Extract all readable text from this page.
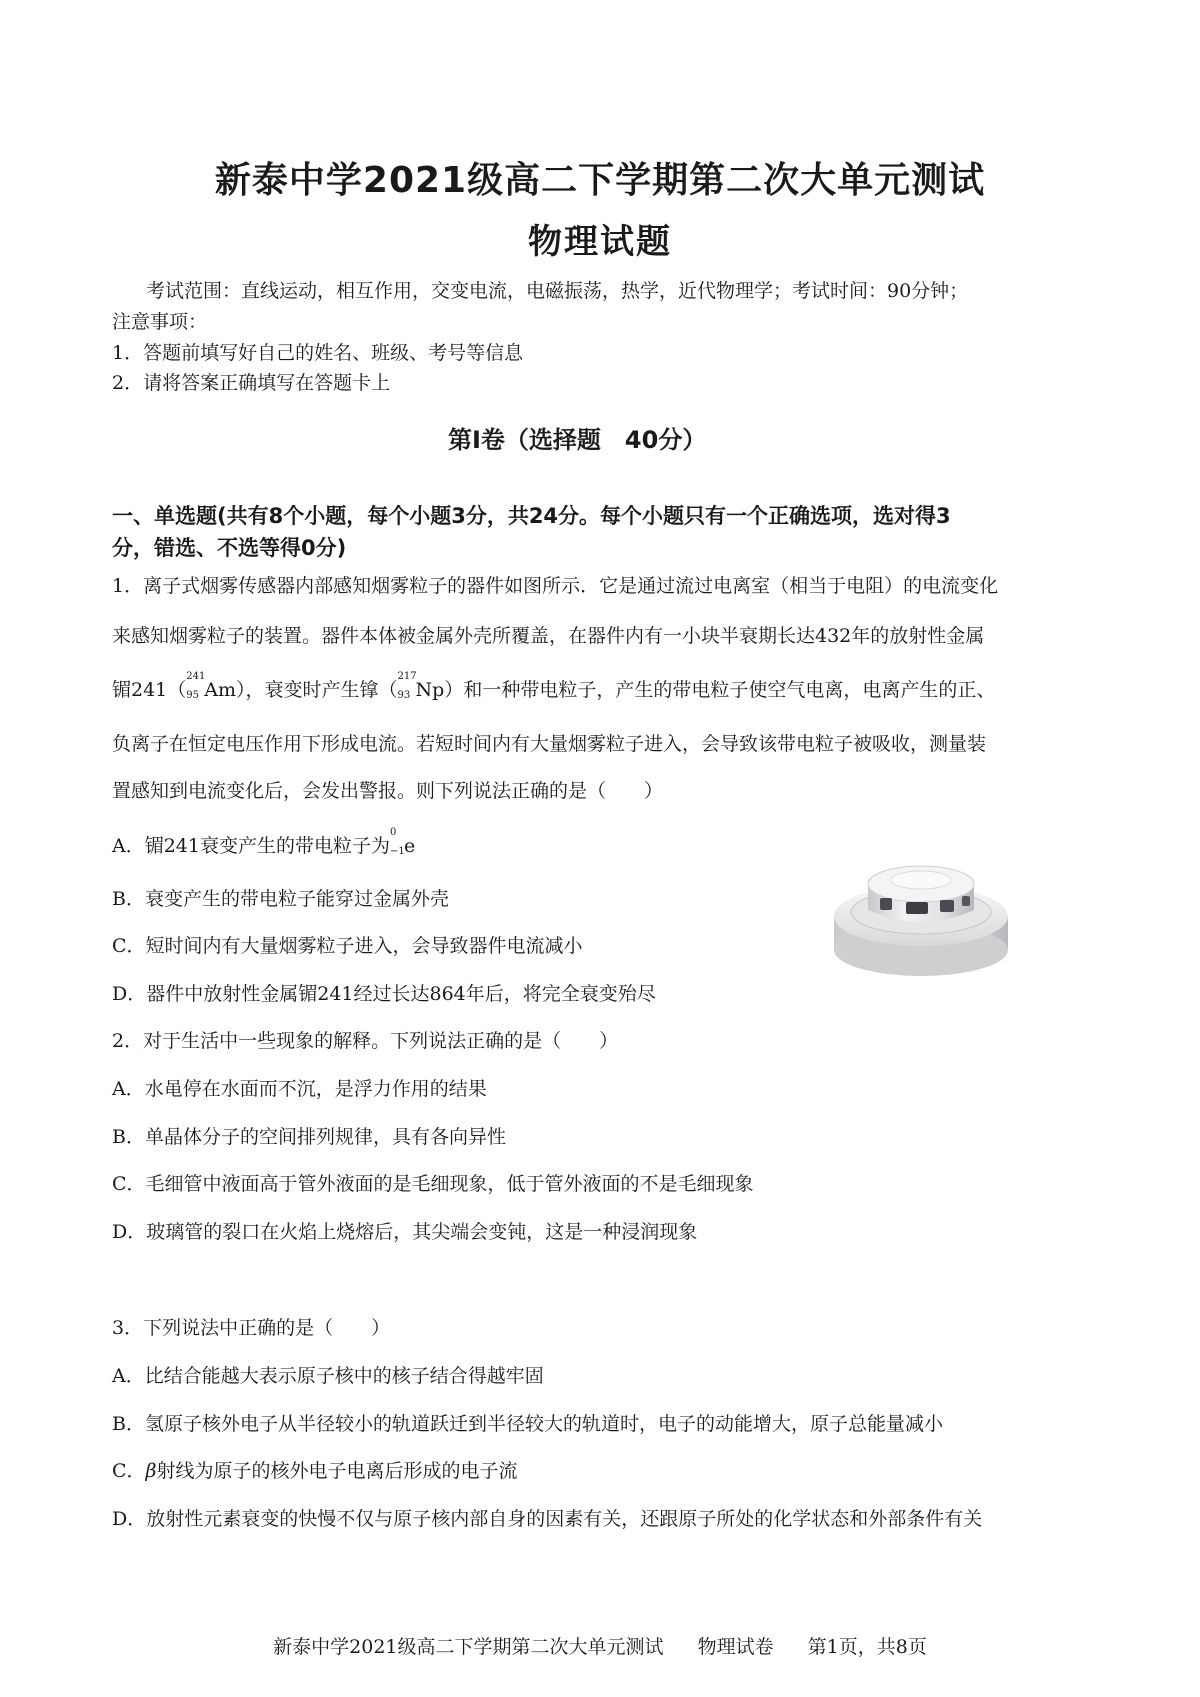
新泰中学2021级高二下学期第二次大单元测试
物理试题
考试范围：直线运动，相互作用，交变电流，电磁振荡，热学，近代物理学；考试时间：90分钟；
注意事项：
1．答题前填写好自己的姓名、班级、考号等信息
2．请将答案正确填写在答题卡上
第I卷（选择题　40分）
一、单选题(共有8个小题，每个小题3分，共24分。每个小题只有一个正确选项，选对得3
分，错选、不选等得0分)
1．离子式烟雾传感器内部感知烟雾粒子的器件如图所示．它是通过流过电离室（相当于电阻）的电流变化
来感知烟雾粒子的装置。器件本体被金属外壳所覆盖，在器件内有一小块半衰期长达432年的放射性金属
镅241（
241
95 Am），衰变时产生镎（
217
93 Np）和一种带电粒子，产生的带电粒子使空气电离，电离产生的正、
负离子在恒定电压作用下形成电流。若短时间内有大量烟雾粒子进入，会导致该带电粒子被吸收，测量装
置感知到电流变化后，会发出警报。则下列说法正确的是（　　）
A．镅241衰变产生的带电粒子为
0
−1 e
B．衰变产生的带电粒子能穿过金属外壳
C．短时间内有大量烟雾粒子进入，会导致器件电流减小
D．器件中放射性金属镅241经过长达864年后，将完全衰变殆尽
2．对于生活中一些现象的解释。下列说法正确的是（　　）
A．水黾停在水面而不沉，是浮力作用的结果
B．单晶体分子的空间排列规律，具有各向异性
C．毛细管中液面高于管外液面的是毛细现象，低于管外液面的不是毛细现象
D．玻璃管的裂口在火焰上烧熔后，其尖端会变钝，这是一种浸润现象
3．下列说法中正确的是（　　）
A．比结合能越大表示原子核中的核子结合得越牢固
B．氢原子核外电子从半径较小的轨道跃迁到半径较大的轨道时，电子的动能增大，原子总能量减小
C．β射线为原子的核外电子电离后形成的电子流
D．放射性元素衰变的快慢不仅与原子核内部自身的因素有关，还跟原子所处的化学状态和外部条件有关
新泰中学2021级高二下学期第二次大单元测试 物理试卷 第1页，共8页
